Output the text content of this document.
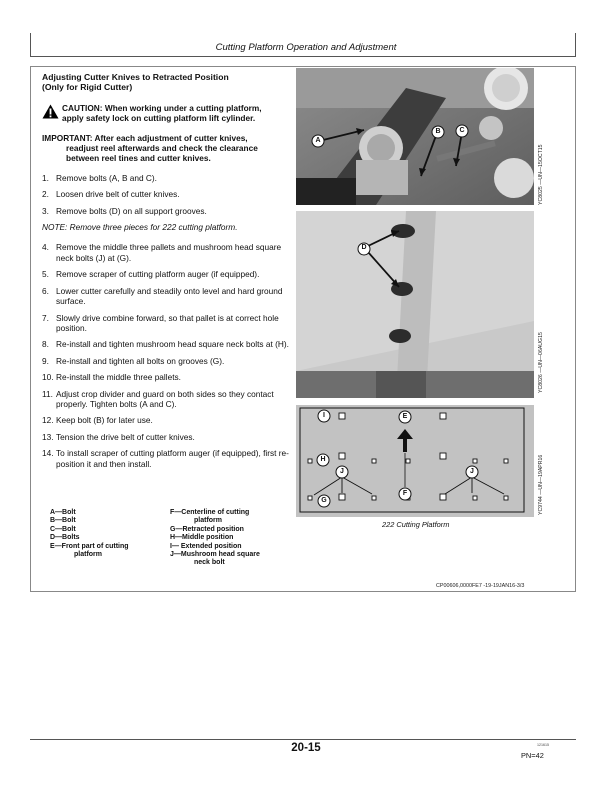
Cutting Platform Operation and Adjustment

Adjusting Cutter Knives to Retracted Position

(Only for Rigid Cutter)

CAUTION: When working under a cutting platform,
apply safety lock on cutting platform lift cylinder.

IMPORTANT: After each adjustment of cutter knives,
readjust reel afterwards and check the clearance
between reel tines and cutter knives.

1. Remove bolts (A, B and C).
2. Loosen drive belt of cutter knives.
3. Remove bolts (D) on all support grooves.

NOTE: Remove three pieces for 222 cutting platform.

4. Remove the middle three pallets and mushroom head square neck bolts (J) at (G).
5. Remove scraper of cutting platform auger (if equipped).
6. Lower cutter carefully and steadily onto level and hard ground surface.
7. Slowly drive combine forward, so that pallet is at correct hole position.
8. Re-install and tighten mushroom head square neck bolts at (H).
9. Re-install and tighten all bolts on grooves (G).
10. Re-install the middle three pallets.
11. Adjust crop divider and guard on both sides so they contact properly. Tighten bolts (A and C).
12. Keep bolt (B) for later use.
13. Tension the drive belt of cutter knives.
14. To install scraper of cutting platform auger (if equipped), first re-position it and then install.
A—Bolt
B—Bolt
C—Bolt
D—Bolts
E—Front part of cutting
platform
F—Centerline of cutting
platform
G—Retracted position
H—Middle position
I— Extended position
J—Mushroom head square
neck bolt
A
B	C
YC8025 —UN—15OCT15
D
YC8026 —UN—06AUG15
I	E
H
J	J
F
G	YC9744 —UN—19APR16
222 Cutting Platform
CP00606,0000FE7 -19-19JAN16-3/3
20-15	121615
PN=42
